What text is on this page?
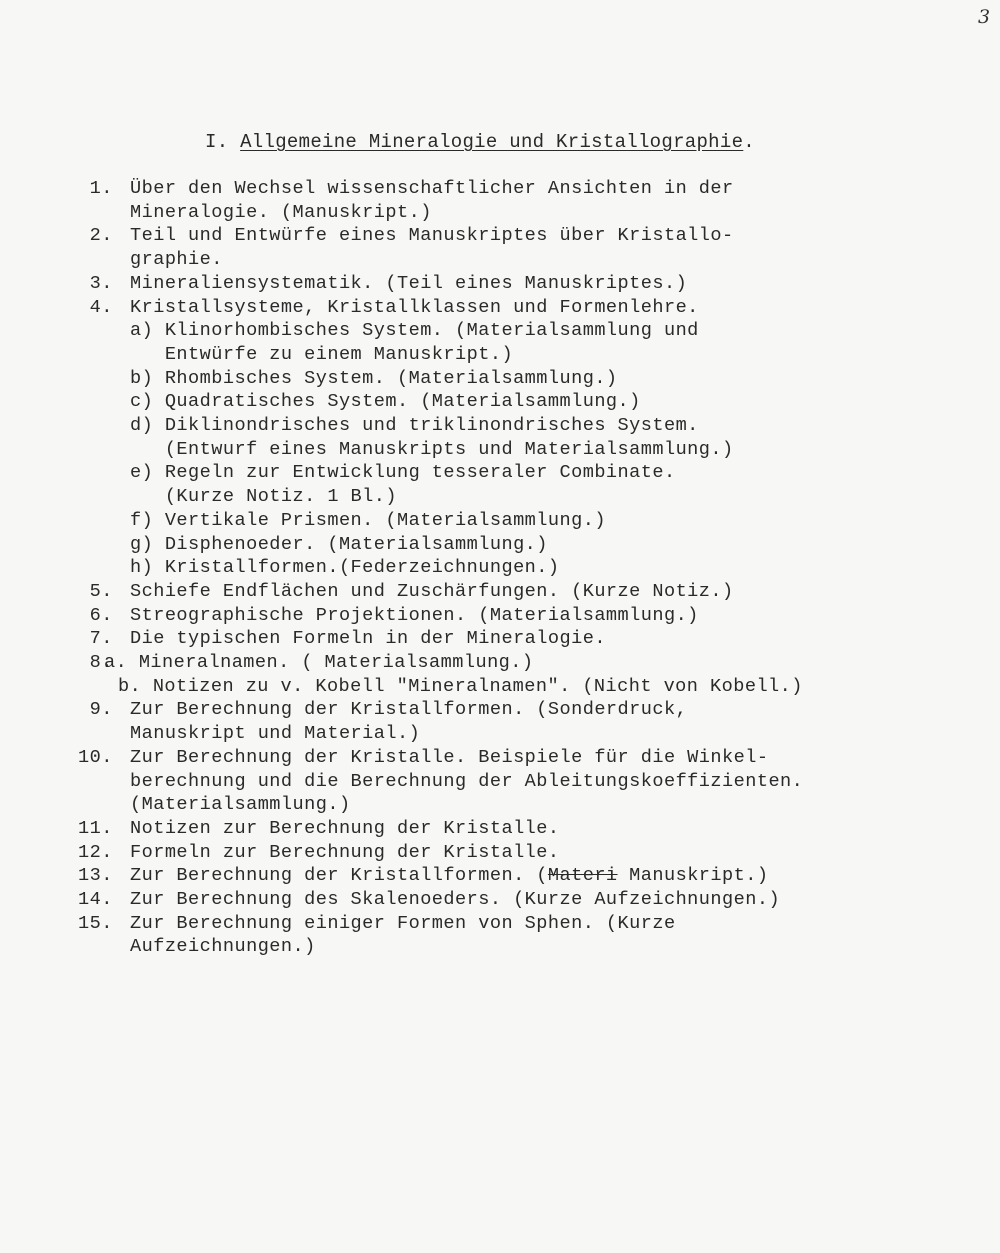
3
I. Allgemeine Mineralogie und Kristallographie.
1. Über den Wechsel wissenschaftlicher Ansichten in der
Mineralogie. (Manuskript.)
2. Teil und Entwürfe eines Manuskriptes über Kristallo-
graphie.
3. Mineraliensystematik. (Teil eines Manuskriptes.)
4. Kristallsysteme, Kristallklassen und Formenlehre.
a) Klinorhombisches System. (Materialsammlung und
Entwürfe zu einem Manuskript.)
b) Rhombisches System. (Materialsammlung.)
c) Quadratisches System. (Materialsammlung.)
d) Diklinondrisches und triklinondrisches System.
(Entwurf eines Manuskripts und Materialsammlung.)
e) Regeln zur Entwicklung tesseraler Combinate.
(Kurze Notiz. 1 Bl.)
f) Vertikale Prismen. (Materialsammlung.)
g) Disphenoeder. (Materialsammlung.)
h) Kristallformen.(Federzeichnungen.)
5. Schiefe Endflächen und Zuschärfungen. (Kurze Notiz.)
6. Streographische Projektionen. (Materialsammlung.)
7. Die typischen Formeln in der Mineralogie.
8.
a. Mineralnamen. ( Materialsammlung.)
b. Notizen zu v. Kobell "Mineralnamen". (Nicht von Kobell.)
9. Zur Berechnung der Kristallformen. (Sonderdruck,
Manuskript und Material.)
10. Zur Berechnung der Kristalle. Beispiele für die Winkel-
berechnung und die Berechnung der Ableitungskoeffizienten.
(Materialsammlung.)
11. Notizen zur Berechnung der Kristalle.
12. Formeln zur Berechnung der Kristalle.
13. Zur Berechnung der Kristallformen. (Materi Manuskript.)
14. Zur Berechnung des Skalenoeders. (Kurze Aufzeichnungen.)
15. Zur Berechnung einiger Formen von Sphen. (Kurze
Aufzeichnungen.)
